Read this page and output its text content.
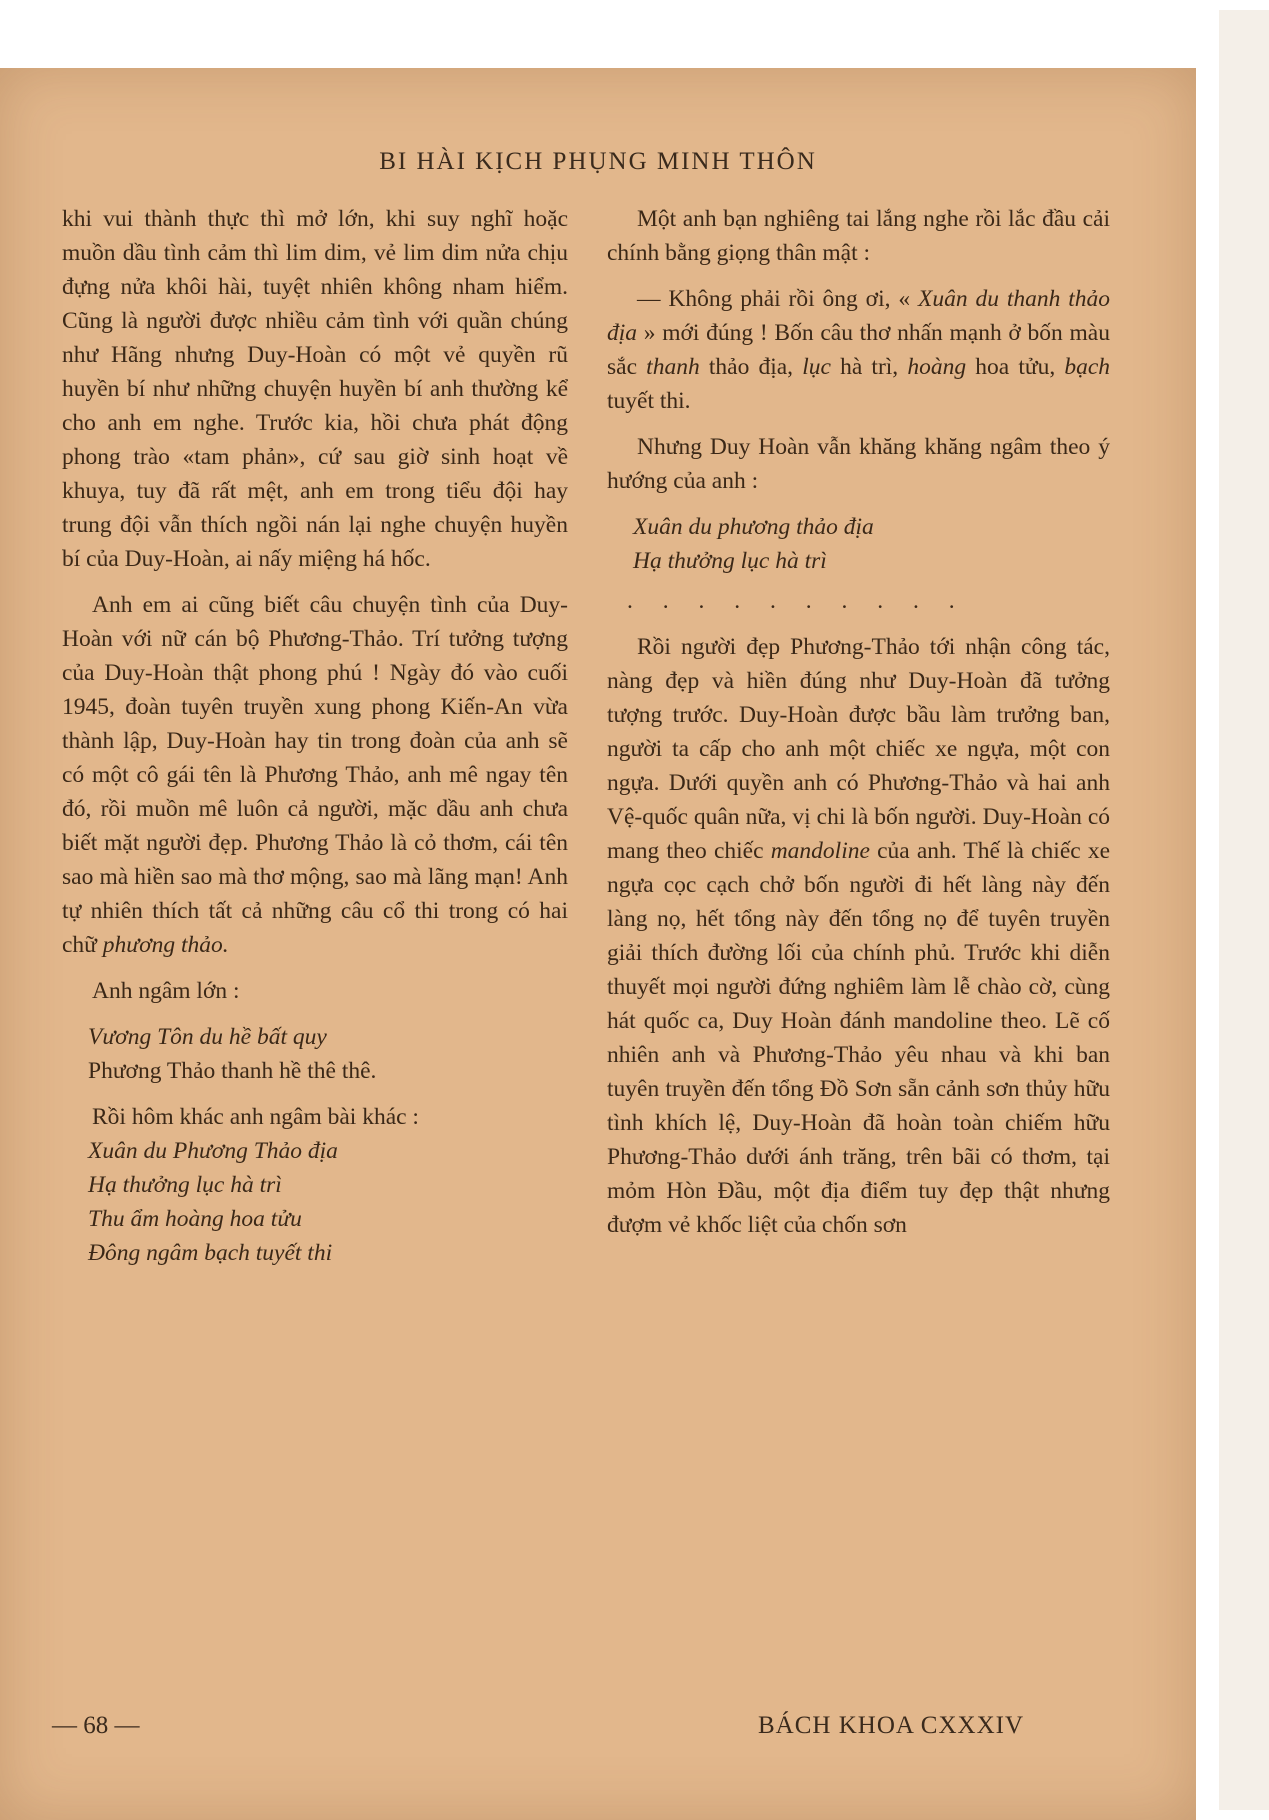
BI HÀI KỊCH PHỤNG MINH THÔN

khi vui thành thực thì mở lớn, khi suy nghĩ hoặc muồn dầu tình cảm thì lim dim, vẻ lim dim nửa chịu đựng nửa khôi hài, tuyệt nhiên không nham hiểm. Cũng là người được nhiều cảm tình với quần chúng như Hãng nhưng Duy-Hoàn có một vẻ quyền rũ huyền bí như những chuyện huyền bí anh thường kể cho anh em nghe. Trước kia, hồi chưa phát động phong trào «tam phản», cứ sau giờ sinh hoạt về khuya, tuy đã rất mệt, anh em trong tiểu đội hay trung đội vẫn thích ngồi nán lại nghe chuyện huyền bí của Duy-Hoàn, ai nấy miệng há hốc.

Anh em ai cũng biết câu chuyện tình của Duy-Hoàn với nữ cán bộ Phương-Thảo. Trí tưởng tượng của Duy-Hoàn thật phong phú ! Ngày đó vào cuối 1945, đoàn tuyên truyền xung phong Kiến-An vừa thành lập, Duy-Hoàn hay tin trong đoàn của anh sẽ có một cô gái tên là Phương Thảo, anh mê ngay tên đó, rồi muồn mê luôn cả người, mặc dầu anh chưa biết mặt người đẹp. Phương Thảo là cỏ thơm, cái tên sao mà hiền sao mà thơ mộng, sao mà lãng mạn! Anh tự nhiên thích tất cả những câu cổ thi trong có hai chữ phương thảo.

Anh ngâm lớn :

Vương Tôn du hề bất quy
Phương Thảo thanh hề thê thê.

Rồi hôm khác anh ngâm bài khác :

Xuân du Phương Thảo địa
Hạ thưởng lục hà trì
Thu ẩm hoàng hoa tửu
Đông ngâm bạch tuyết thi

Một anh bạn nghiêng tai lắng nghe rồi lắc đầu cải chính bằng giọng thân mật :

— Không phải rồi ông ơi, « Xuân du thanh thảo địa » mới đúng ! Bốn câu thơ nhấn mạnh ở bốn màu sắc thanh thảo địa, lục hà trì, hoàng hoa tửu, bạch tuyết thi.

Nhưng Duy Hoàn vẫn khăng khăng ngâm theo ý hướng của anh :

Xuân du phương thảo địa
Hạ thưởng lục hà trì
. . . . . . . . . .

Rồi người đẹp Phương-Thảo tới nhận công tác, nàng đẹp và hiền đúng như Duy-Hoàn đã tưởng tượng trước. Duy-Hoàn được bầu làm trưởng ban, người ta cấp cho anh một chiếc xe ngựa, một con ngựa. Dưới quyền anh có Phương-Thảo và hai anh Vệ-quốc quân nữa, vị chi là bốn người. Duy-Hoàn có mang theo chiếc mandoline của anh. Thế là chiếc xe ngựa cọc cạch chở bốn người đi hết làng này đến làng nọ, hết tổng này đến tổng nọ để tuyên truyền giải thích đường lối của chính phủ. Trước khi diễn thuyết mọi người đứng nghiêm làm lễ chào cờ, cùng hát quốc ca, Duy Hoàn đánh mandoline theo. Lẽ cố nhiên anh và Phương-Thảo yêu nhau và khi ban tuyên truyền đến tổng Đồ Sơn sẵn cảnh sơn thủy hữu tình khích lệ, Duy-Hoàn đã hoàn toàn chiếm hữu Phương-Thảo dưới ánh trăng, trên bãi có thơm, tại mỏm Hòn Đầu, một địa điểm tuy đẹp thật nhưng đượm vẻ khốc liệt của chốn sơn

— 68 —	BÁCH KHOA CXXXIV
